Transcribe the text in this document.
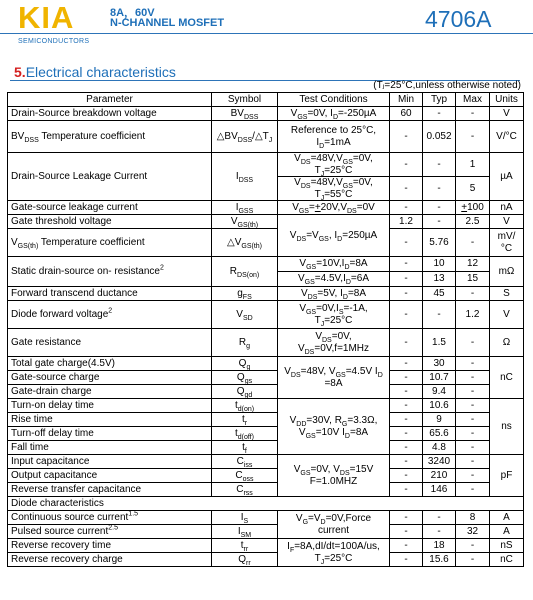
KIA
SEMICONDUCTORS
8A，60V
N-CHANNEL MOSFET	4706A
5.Electrical characteristics
(Tⱼ=25°C,unless otherwise noted)
Parameter	Symbol	Test Conditions	Min	Typ	Max	Units
Drain-Source breakdown voltage	$BV_{DSS}$	$V_{GS}=0V$, $I_D=-250\mu A$	60	-	-	V
$BV_{DSS}$ Temperature coefficient	$\triangle BV_{DSS}/\triangle T_J$	Reference to 25°C, $I_D=1mA$	-	0.052	-	V/°C
Drain-Source Leakage Current	$I_{DSS}$	$V_{DS}=48V,V_{GS}=0V$, $T_J=25^\circ C$	-	-	1	µA
		$V_{DS}=48V,V_{GS}=0V$, $T_J=55^\circ C$	-	-	5	
Gate-source leakage current	$I_{GSS}$	$V_{GS}=+20V,V_{DS}=0V$	-	-	+100	nA
Gate threshold voltage	$V_{GS(th)}$	$V_{DS}=V_{GS}$, $I_D=250\mu A$	1.2	-	2.5	V
$V_{GS(th)}$ Temperature coefficient	$\triangle V_{GS(th)}$		-	5.76	-	mV/°C
Static drain-source on- resistance$^2$	$R_{DS(on)}$	$V_{GS}=10V,I_D=8A$	-	10	12	mΩ
		$V_{GS}=4.5V,I_D=6A$	-	13	15	
Forward transcend ductance	$g_{FS}$	$V_{DS}=5V$, $I_D=8A$	-	45	-	S
Diode forward voltage$^2$	$V_{SD}$	$V_{GS}=0V,I_S=-1A$, $T_J=25^\circ C$	-	-	1.2	V
Gate resistance	$R_g$	$V_{DS}=0V$, $V_{DS}=0V,f=1MHz$	-	1.5	-	Ω
Total gate charge(4.5V)	$Q_g$	$V_{DS}=48V$, $V_{GS}=4.5V$ $I_D =8A$	-	30	-	nC
Gate-source charge	$Q_{gs}$		-	10.7	-	
Gate-drain charge	$Q_{gd}$		-	9.4	-	
Turn-on delay time	$t_{d(on)}$	$V_{DD}=30V$, $R_G=3.3\Omega$, $V_{GS}=10V$ $I_D=8A$	-	10.6	-	ns
Rise time	$t_r$		-	9	-	
Turn-off delay time	$t_{d(off)}$		-	65.6	-	
Fall time	$t_f$		-	4.8	-	
Input capacitance	$C_{iss}$	$V_{GS}=0V$, $V_{DS}=15V$ F=1.0MHZ	-	3240	-	pF
Output capacitance	$C_{oss}$		-	210	-	
Reverse transfer capacitance	$C_{rss}$		-	146	-	
Diode characteristics						
Continuous source current$^{1.5}$	$I_S$	$V_G=V_D=0V,Force$ current	-	-	8	A
Pulsed source current$^{2.5}$	$I_{SM}$		-	-	32	A
Reverse recovery time	$t_{rr}$	$I_F=8A,dI/dt=100A/us$, $T_J=25^\circ C$	-	18	-	nS
Reverse recovery charge	$Q_{rr}$		-	15.6	-	nC
